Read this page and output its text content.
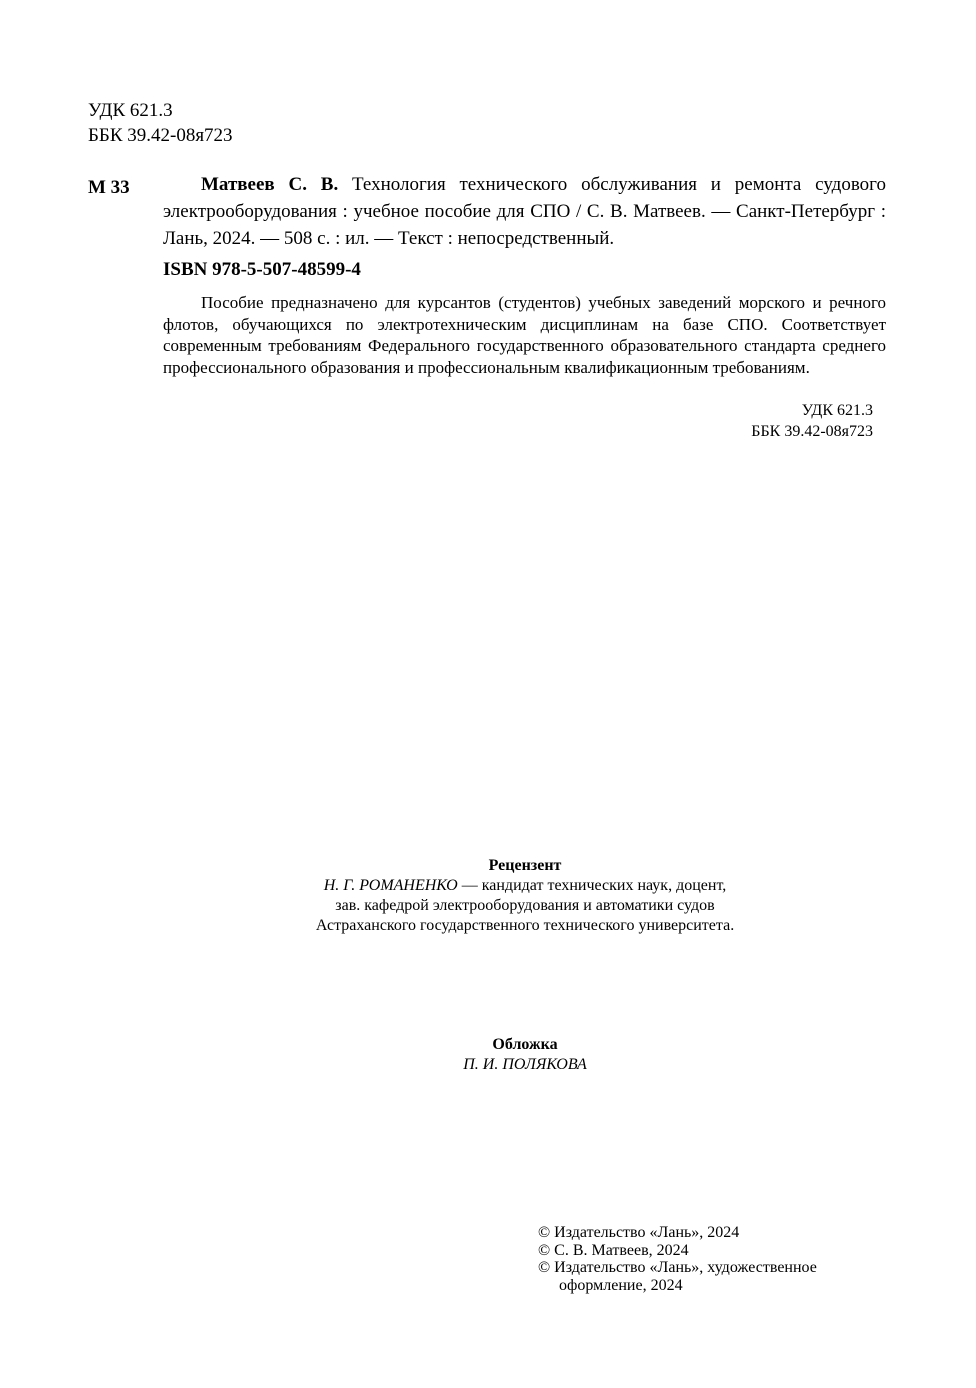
УДК 621.3
ББК 39.42-08я723
М 33	Матвеев С. В. Технология технического обслуживания и ремонта судового электрооборудования : учебное пособие для СПО / С. В. Матвеев. — Санкт-Петербург : Лань, 2024. — 508 с. : ил. — Текст : непосредственный.
ISBN 978-5-507-48599-4
Пособие предназначено для курсантов (студентов) учебных заведений морского и речного флотов, обучающихся по электротехническим дисциплинам на базе СПО. Соответствует современным требованиям Федерального государственного образовательного стандарта среднего профессионального образования и профессиональным квалификационным требованиям.
УДК 621.3
ББК 39.42-08я723
Рецензент
Н. Г. РОМАНЕНКО — кандидат технических наук, доцент,
зав. кафедрой электрооборудования и автоматики судов
Астраханского государственного технического университета.
Обложка
П. И. ПОЛЯКОВА
© Издательство «Лань», 2024
© С. В. Матвеев, 2024
© Издательство «Лань», художественное
оформление, 2024
